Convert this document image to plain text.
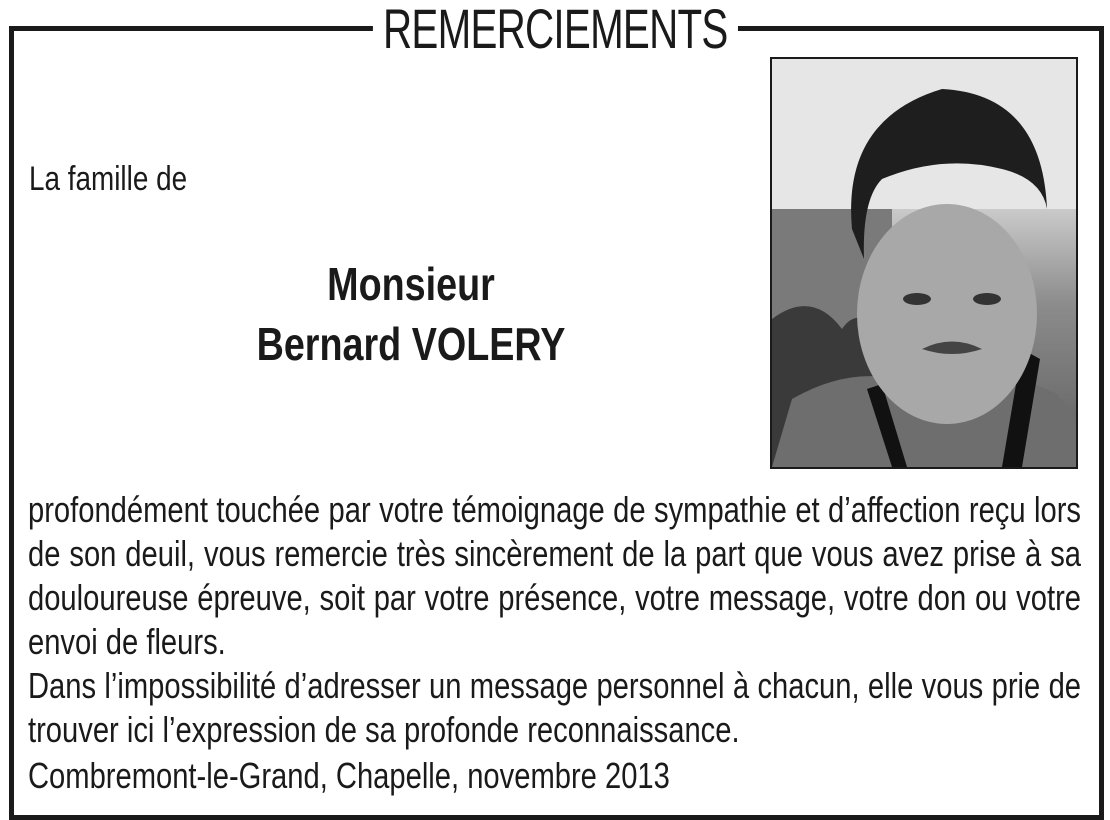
REMERCIEMENTS

La famille de

Monsieur
Bernard VOLERY

profondément touchée par votre témoignage de sympathie et d’affection reçu lors de son deuil, vous remercie très sincèrement de la part que vous avez prise à sa douloureuse épreuve, soit par votre présence, votre message, votre don ou votre envoi de fleurs.

Dans l’impossibilité d’adresser un message personnel à chacun, elle vous prie de trouver ici l’expression de sa profonde reconnaissance.

Combremont-le-Grand, Chapelle, novembre 2013
